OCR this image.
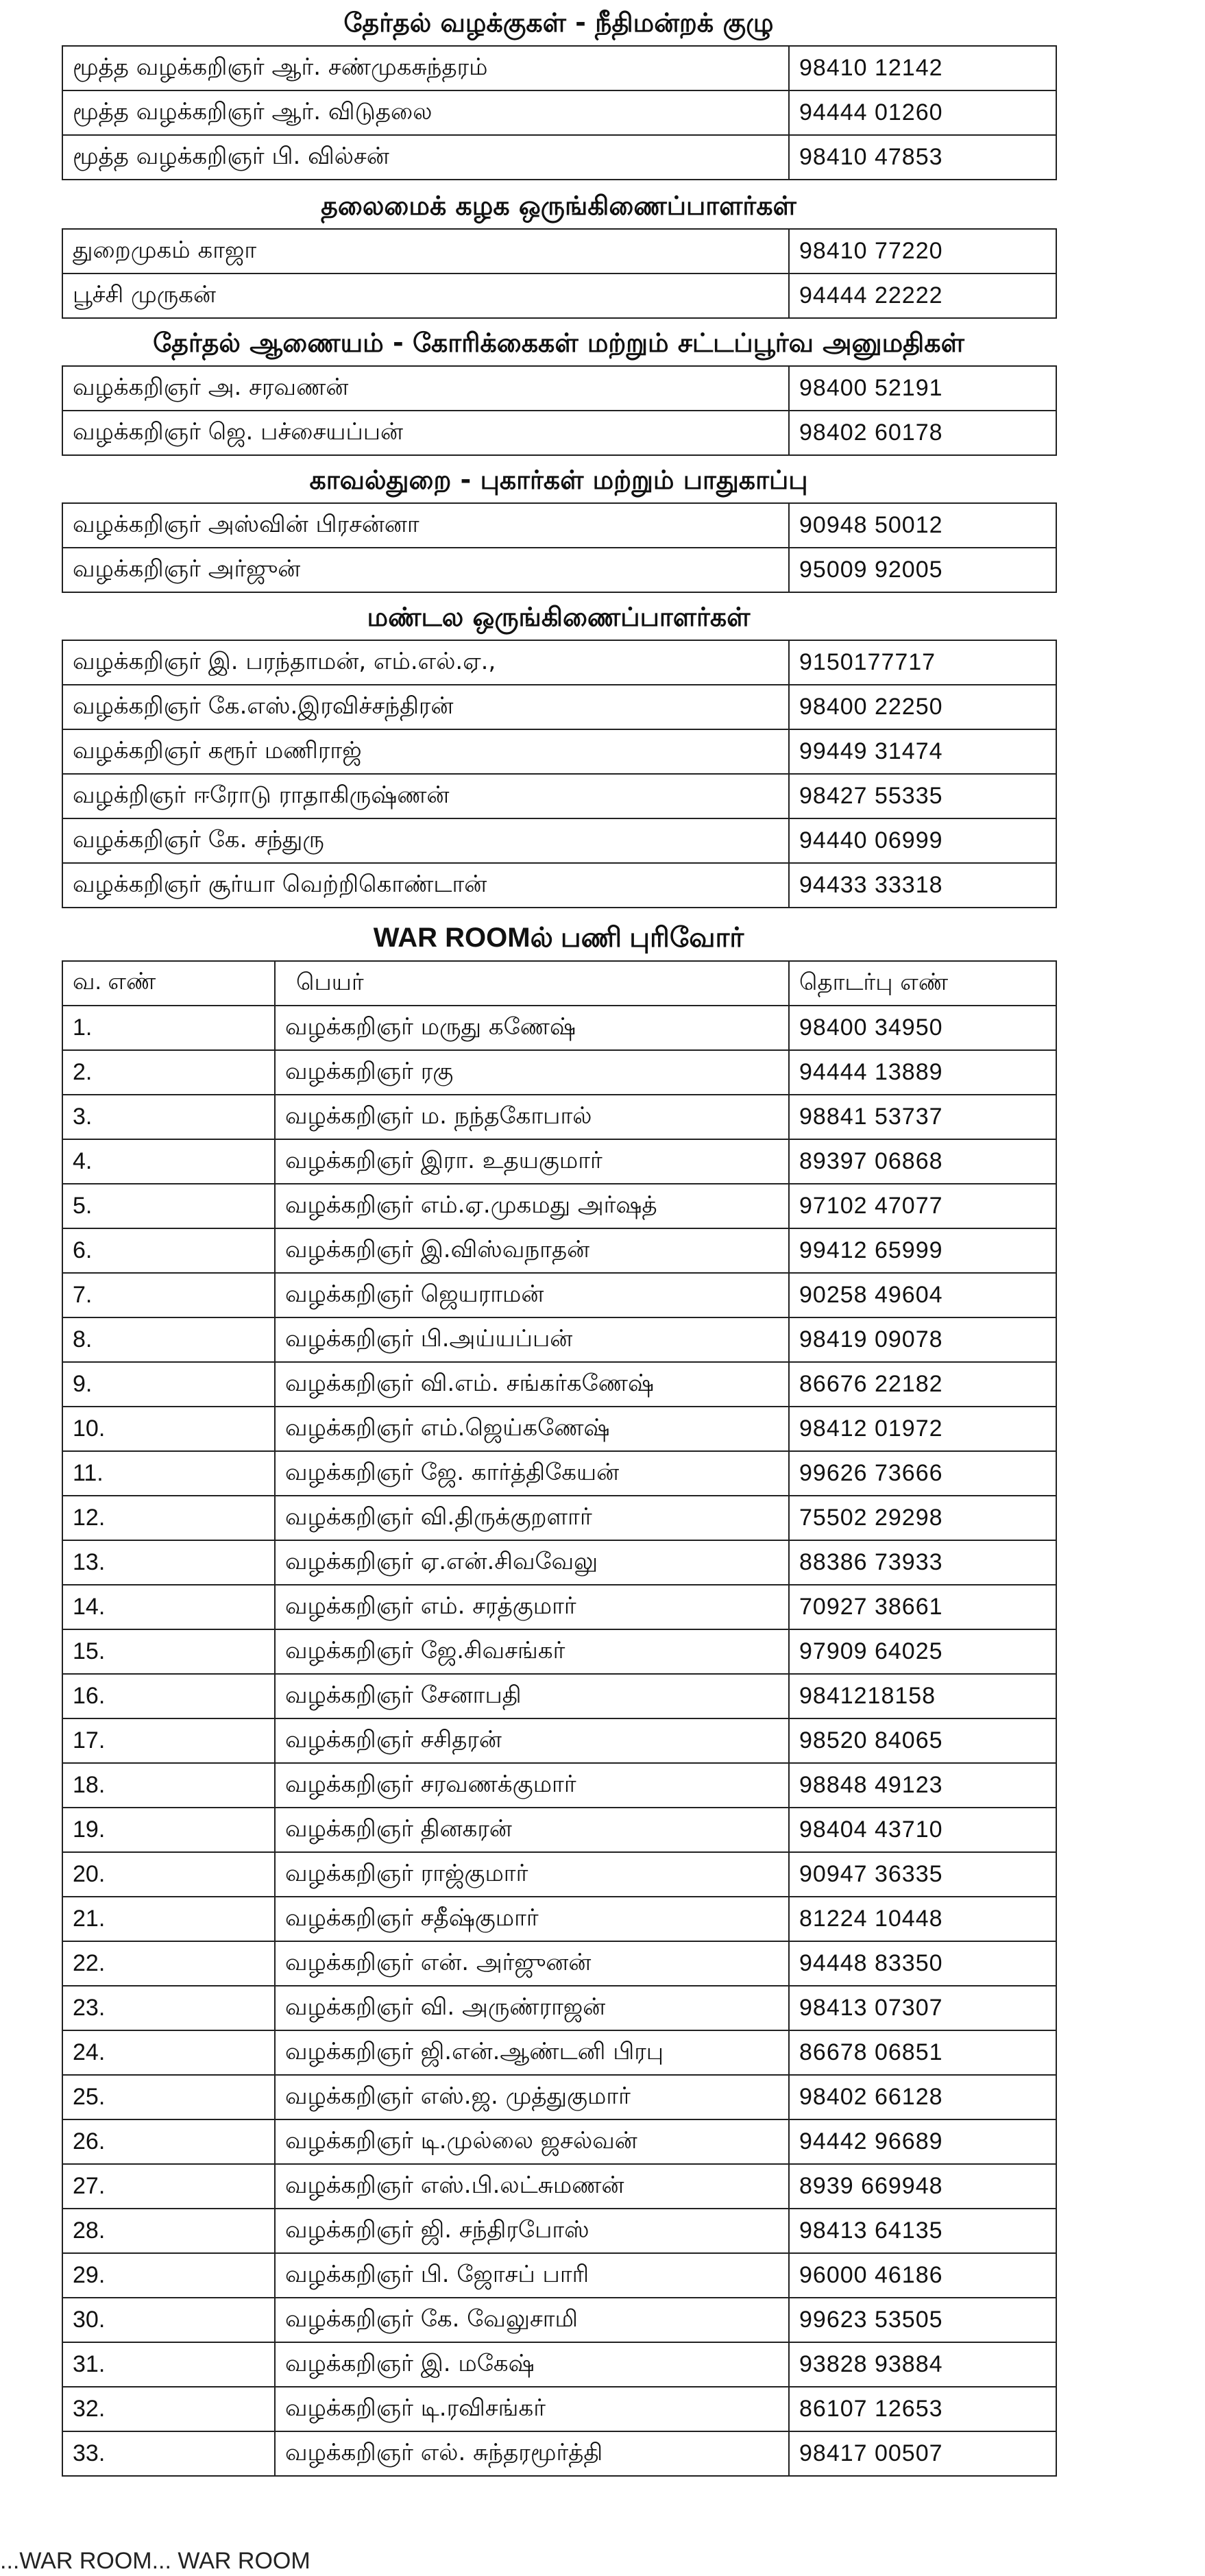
தேர்தல் வழக்குகள் - நீதிமன்றக் குழு
மூத்த வழக்கறிஞர் ஆர். சண்முகசுந்தரம்	98410 12142
மூத்த வழக்கறிஞர் ஆர். விடுதலை	94444 01260
மூத்த வழக்கறிஞர் பி. வில்சன்	98410 47853
தலைமைக் கழக ஒருங்கிணைப்பாளர்கள்
துறைமுகம் காஜா	98410 77220
பூச்சி முருகன்	94444 22222
தேர்தல் ஆணையம் - கோரிக்கைகள் மற்றும் சட்டப்பூர்வ அனுமதிகள்
வழக்கறிஞர் அ. சரவணன்	98400 52191
வழக்கறிஞர் ஜெ. பச்சையப்பன்	98402 60178
காவல்துறை - புகார்கள் மற்றும் பாதுகாப்பு
வழக்கறிஞர் அஸ்வின் பிரசன்னா	90948 50012
வழக்கறிஞர் அர்ஜுன்	95009 92005
மண்டல ஒருங்கிணைப்பாளர்கள்
வழக்கறிஞர் இ. பரந்தாமன், எம்.எல்.ஏ.,	9150177717
வழக்கறிஞர் கே.எஸ்.இரவிச்சந்திரன்	98400 22250
வழக்கறிஞர் கரூர் மணிராஜ்	99449 31474
வழக்றிஞர் ஈரோடு ராதாகிருஷ்ணன்	98427 55335
வழக்கறிஞர் கே. சந்துரு	94440 06999
வழக்கறிஞர் சூர்யா வெற்றிகொண்டான்	94433 33318
WAR ROOMல் பணி புரிவோர்
வ. எண்	பெயர்	தொடர்பு எண்
1.	வழக்கறிஞர் மருது கணேஷ்	98400 34950
2.	வழக்கறிஞர் ரகு	94444 13889
3.	வழக்கறிஞர் ம. நந்தகோபால்	98841 53737
4.	வழக்கறிஞர் இரா. உதயகுமார்	89397 06868
5.	வழக்கறிஞர் எம்.ஏ.முகமது அர்ஷத்	97102 47077
6.	வழக்கறிஞர் இ.விஸ்வநாதன்	99412 65999
7.	வழக்கறிஞர் ஜெயராமன்	90258 49604
8.	வழக்கறிஞர் பி.அய்யப்பன்	98419 09078
9.	வழக்கறிஞர் வி.எம். சங்கர்கணேஷ்	86676 22182
10.	வழக்கறிஞர் எம்.ஜெய்கணேஷ்	98412 01972
11.	வழக்கறிஞர் ஜே. கார்த்திகேயன்	99626 73666
12.	வழக்கறிஞர் வி.திருக்குறளார்	75502 29298
13.	வழக்கறிஞர் ஏ.என்.சிவவேலு	88386 73933
14.	வழக்கறிஞர் எம். சரத்குமார்	70927 38661
15.	வழக்கறிஞர் ஜே.சிவசங்கர்	97909 64025
16.	வழக்கறிஞர் சேனாபதி	9841218158
17.	வழக்கறிஞர் சசிதரன்	98520 84065
18.	வழக்கறிஞர் சரவணக்குமார்	98848 49123
19.	வழக்கறிஞர் தினகரன்	98404 43710
20.	வழக்கறிஞர் ராஜ்குமார்	90947 36335
21.	வழக்கறிஞர் சதீஷ்குமார்	81224 10448
22.	வழக்கறிஞர் என். அர்ஜுனன்	94448 83350
23.	வழக்கறிஞர் வி. அருண்ராஜன்	98413 07307
24.	வழக்கறிஞர் ஜி.என்.ஆண்டனி பிரபு	86678 06851
25.	வழக்கறிஞர் எஸ்.ஜ. முத்துகுமார்	98402 66128
26.	வழக்கறிஞர் டி.முல்லை ஜசல்வன்	94442 96689
27.	வழக்கறிஞர் எஸ்.பி.லட்சுமணன்	8939 669948
28.	வழக்கறிஞர் ஜி. சந்திரபோஸ்	98413 64135
29.	வழக்கறிஞர் பி. ஜோசப் பாரி	96000 46186
30.	வழக்கறிஞர் கே. வேலுசாமி	99623 53505
31.	வழக்கறிஞர் இ. மகேஷ்	93828 93884
32.	வழக்கறிஞர் டி.ரவிசங்கர்	86107 12653
33.	வழக்கறிஞர் எல். சுந்தரமூர்த்தி	98417 00507
...WAR ROOM... WAR ROOM
